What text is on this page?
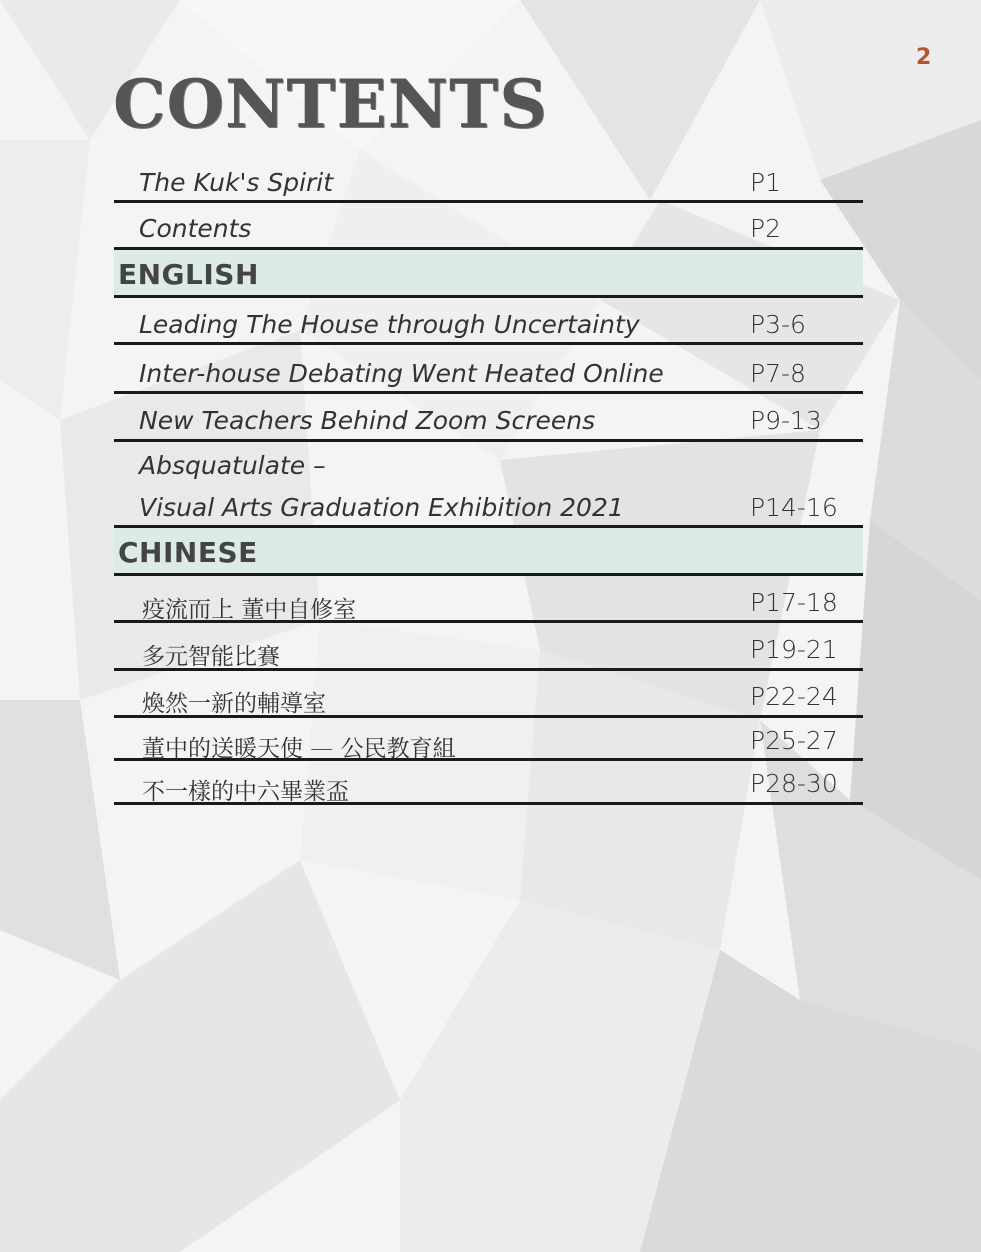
2
CONTENTS
The Kuk's Spirit	P1
Contents	P2
ENGLISH
Leading The House through Uncertainty	P3-6
Inter-house Debating Went Heated Online	P7-8
New Teachers Behind Zoom Screens	P9-13
Absquatulate –
Visual Arts Graduation Exhibition 2021	P14-16
CHINESE
疫流而上 董中自修室	P17-18
多元智能比賽	P19-21
煥然一新的輔導室	P22-24
董中的送暖天使 — 公民教育組	P25-27
不一樣的中六畢業盃	P28-30
